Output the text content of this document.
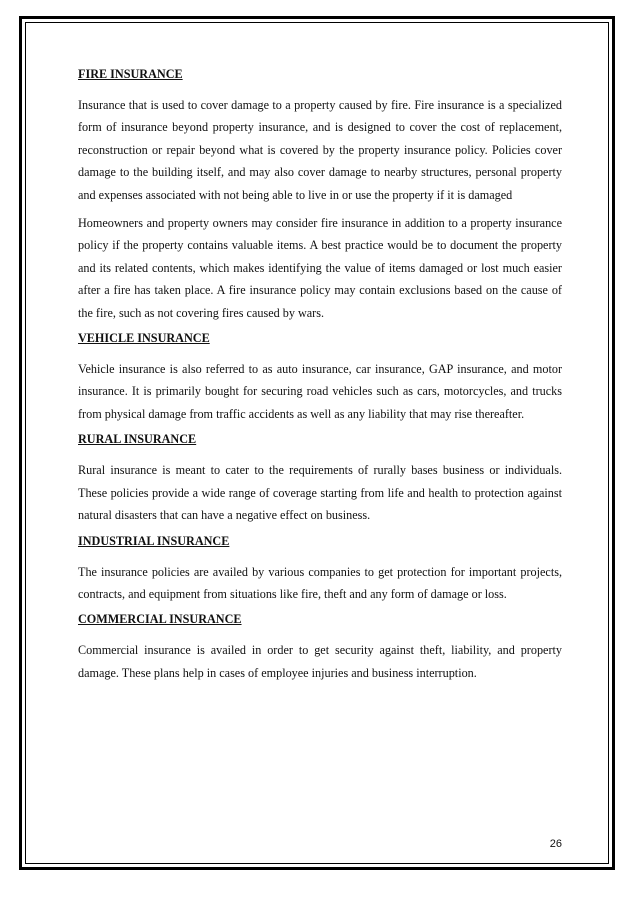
FIRE INSURANCE

Insurance that is used to cover damage to a property caused by fire. Fire insurance is a specialized form of insurance beyond property insurance, and is designed to cover the cost of replacement, reconstruction or repair beyond what is covered by the property insurance policy. Policies cover damage to the building itself, and may also cover damage to nearby structures, personal property and expenses associated with not being able to live in or use the property if it is damaged

Homeowners and property owners may consider fire insurance in addition to a property insurance policy if the property contains valuable items. A best practice would be to document the property and its related contents, which makes identifying the value of items damaged or lost much easier after a fire has taken place. A fire insurance policy may contain exclusions based on the cause of the fire, such as not covering fires caused by wars.

VEHICLE INSURANCE

Vehicle insurance is also referred to as auto insurance, car insurance, GAP insurance, and motor insurance. It is primarily bought for securing road vehicles such as cars, motorcycles, and trucks from physical damage from traffic accidents as well as any liability that may rise thereafter.

RURAL INSURANCE

Rural insurance is meant to cater to the requirements of rurally bases business or individuals. These policies provide a wide range of coverage starting from life and health to protection against natural disasters that can have a negative effect on business.

INDUSTRIAL INSURANCE

The insurance policies are availed by various companies to get protection for important projects, contracts, and equipment from situations like fire, theft and any form of damage or loss.

COMMERCIAL INSURANCE

Commercial insurance is availed in order to get security against theft, liability, and property damage. These plans help in cases of employee injuries and business interruption.

26
